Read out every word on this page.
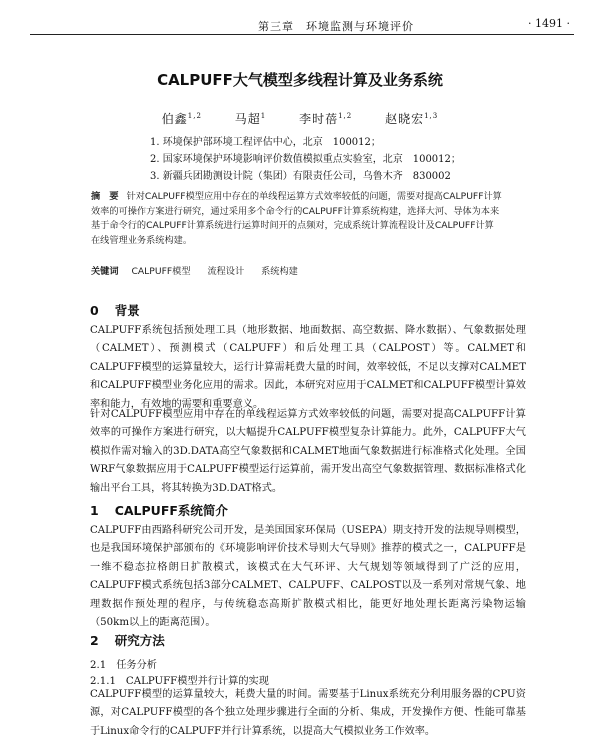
第三章　环境监测与环境评价	· 1491 ·
CALPUFF大气模型多线程计算及业务系统
伯鑫$^{1,2}$	马超$^1$	李时蓓$^{1,2}$	赵晓宏$^{1,3}$
1. 环境保护部环境工程评估中心，北京　100012；
2. 国家环境保护环境影响评价数值模拟重点实验室，北京　100012；
3. 新疆兵团勘测设计院（集团）有限责任公司，乌鲁木齐　830002
摘　要 针对CALPUFF模型应用中存在的单线程运算方式效率较低的问题，需要对提高CALPUFF计算效率的可操作方案进行研究，通过采用多个命令行的CALPUFF计算系统构建，选择大河、导体为本来基于命令行的CALPUFF计算系统进行运算时间开的点频对，完成系统计算流程设计及CALPUFF计算在线管理业务系统构建。
关键词 CALPUFF模型 流程设计 系统构建
0 背景

CALPUFF系统包括预处理工具（地形数据、地面数据、高空数据、降水数据）、气象数据处理（CALMET）、预测模式（CALPUFF）和后处理工具（CALPOST）等。CALMET和CALPUFF模型的运算量较大，运行计算需耗费大量的时间，效率较低，不足以支撑对CALMET和CALPUFF模型业务化应用的需求。因此，本研究对应用于CALMET和CALPUFF模型计算效率和能力，有效地的需要和重要意义。

针对CALPUFF模型应用中存在的单线程运算方式效率较低的问题，需要对提高CALPUFF计算效率的可操作方案进行研究，以大幅提升CALPUFF模型复杂计算能力。此外，CALPUFF大气模拟作需对输入的3D.DATA高空气象数据和CALMET地面气象数据进行标准格式化处理。全国WRF气象数据应用于CALPUFF模型运行运算前，需开发出高空气象数据管理、数据标准格式化输出平台工具，将其转换为3D.DAT格式。

1 CALPUFF系统简介

CALPUFF由西路科研究公司开发，是美国国家环保局（USEPA）期支持开发的法规导则模型，也是我国环境保护部颁布的《环境影响评价技术导则大气导则》推荐的模式之一，CALPUFF是一维不稳态拉格朗日扩散模式，该模式在大气环评、大气规划等领域得到了广泛的应用，CALPUFF模式系统包括3部分CALMET、CALPUFF、CALPOST以及一系列对常规气象、地理数据作预处理的程序，与传统稳态高斯扩散模式相比，能更好地处理长距离污染物运输（50km以上的距离范围）。

2 研究方法

2.1 任务分析

2.1.1 CALPUFF模型并行计算的实现

CALPUFF模型的运算量较大，耗费大量的时间。需要基于Linux系统充分利用服务器的CPU资源，对CALPUFF模型的各个独立处理步骤进行全面的分析、集成，开发操作方便、性能可靠基于Linux命令行的CALPUFF并行计算系统，以提高大气模拟业务工作效率。
